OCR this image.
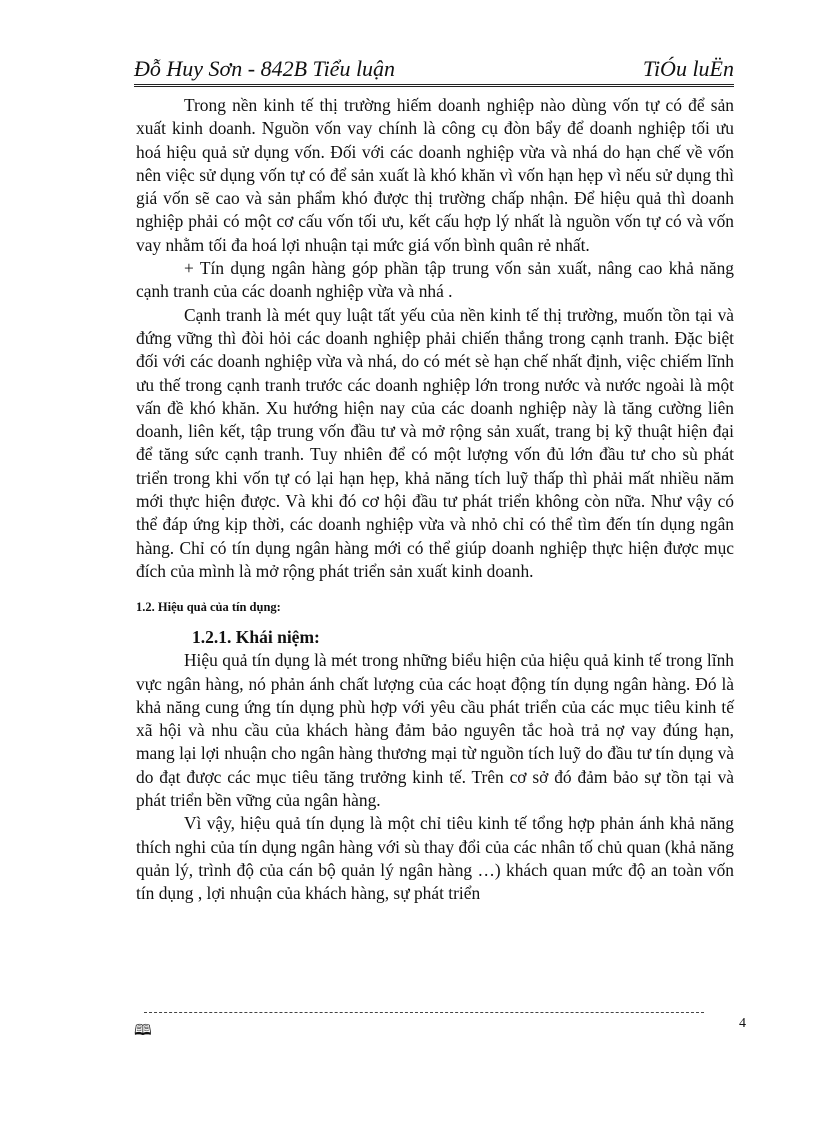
Đỗ Huy Sơn - 842B Tiểu luận	TiÓu luËn

Trong nền kinh tế thị trường hiếm doanh nghiệp nào dùng vốn tự có để sản xuất kinh doanh. Nguồn vốn vay chính là công cụ đòn bẩy để doanh nghiệp tối ưu hoá hiệu quả sử dụng vốn. Đối với các doanh nghiệp vừa và nhá do hạn chế về vốn nên việc sử dụng vốn tự có để sản xuất là khó khăn vì vốn hạn hẹp vì nếu sử dụng thì giá vốn sẽ cao và sản phẩm khó được thị trường chấp nhận. Để hiệu quả thì doanh nghiệp phải có một cơ cấu vốn tối ưu, kết cấu hợp lý nhất là nguồn vốn tự có và vốn vay nhằm tối đa hoá lợi nhuận tại mức giá vốn bình quân rẻ nhất.

+ Tín dụng ngân hàng góp phần tập trung vốn sản xuất, nâng cao khả năng cạnh tranh của các doanh nghiệp vừa và nhá .

Cạnh tranh là mét quy luật tất yếu của nền kinh tế thị trường, muốn tồn tại và đứng vững thì đòi hỏi các doanh nghiệp phải chiến thắng trong cạnh tranh. Đặc biệt đối với các doanh nghiệp vừa và nhá, do có mét sè hạn chế nhất định, việc chiếm lĩnh ưu thế trong cạnh tranh trước các doanh nghiệp lớn trong nước và nước ngoài là một vấn đề khó khăn. Xu hướng hiện nay của các doanh nghiệp này là tăng cường liên doanh, liên kết, tập trung vốn đầu tư và mở rộng sản xuất, trang bị kỹ thuật hiện đại để tăng sức cạnh tranh. Tuy nhiên để có một lượng vốn đủ lớn đầu tư cho sù phát triển trong khi vốn tự có lại hạn hẹp, khả năng tích luỹ thấp thì phải mất nhiều năm mới thực hiện được. Và khi đó cơ hội đầu tư phát triển không còn nữa. Như vậy có thể đáp ứng kịp thời, các doanh nghiệp vừa và nhỏ chỉ có thể tìm đến tín dụng ngân hàng. Chỉ có tín dụng ngân hàng mới có thể giúp doanh nghiệp thực hiện được mục đích của mình là mở rộng phát triển sản xuất kinh doanh.

1.2. Hiệu quả của tín dụng:
1.2.1. Khái niệm:

Hiệu quả tín dụng là mét trong những biểu hiện của hiệu quả kinh tế trong lĩnh vực ngân hàng, nó phản ánh chất lượng của các hoạt động tín dụng ngân hàng. Đó là khả năng cung ứng tín dụng phù hợp với yêu cầu phát triển của các mục tiêu kinh tế xã hội và nhu cầu của khách hàng đảm bảo nguyên tắc hoà trả nợ vay đúng hạn, mang lại lợi nhuận cho ngân hàng thương mại từ nguồn tích luỹ do đầu tư tín dụng và do đạt được các mục tiêu tăng trưởng kinh tế. Trên cơ sở đó đảm bảo sự tồn tại và phát triển bền vững của ngân hàng.

Vì vậy, hiệu quả tín dụng là một chỉ tiêu kinh tế tổng hợp phản ánh khả năng thích nghi của tín dụng ngân hàng với sù thay đổi của các nhân tố chủ quan (khả năng quản lý, trình độ của cán bộ quản lý ngân hàng …) khách quan mức độ an toàn vốn tín dụng , lợi nhuận của khách hàng, sự phát triển

🕮	4
